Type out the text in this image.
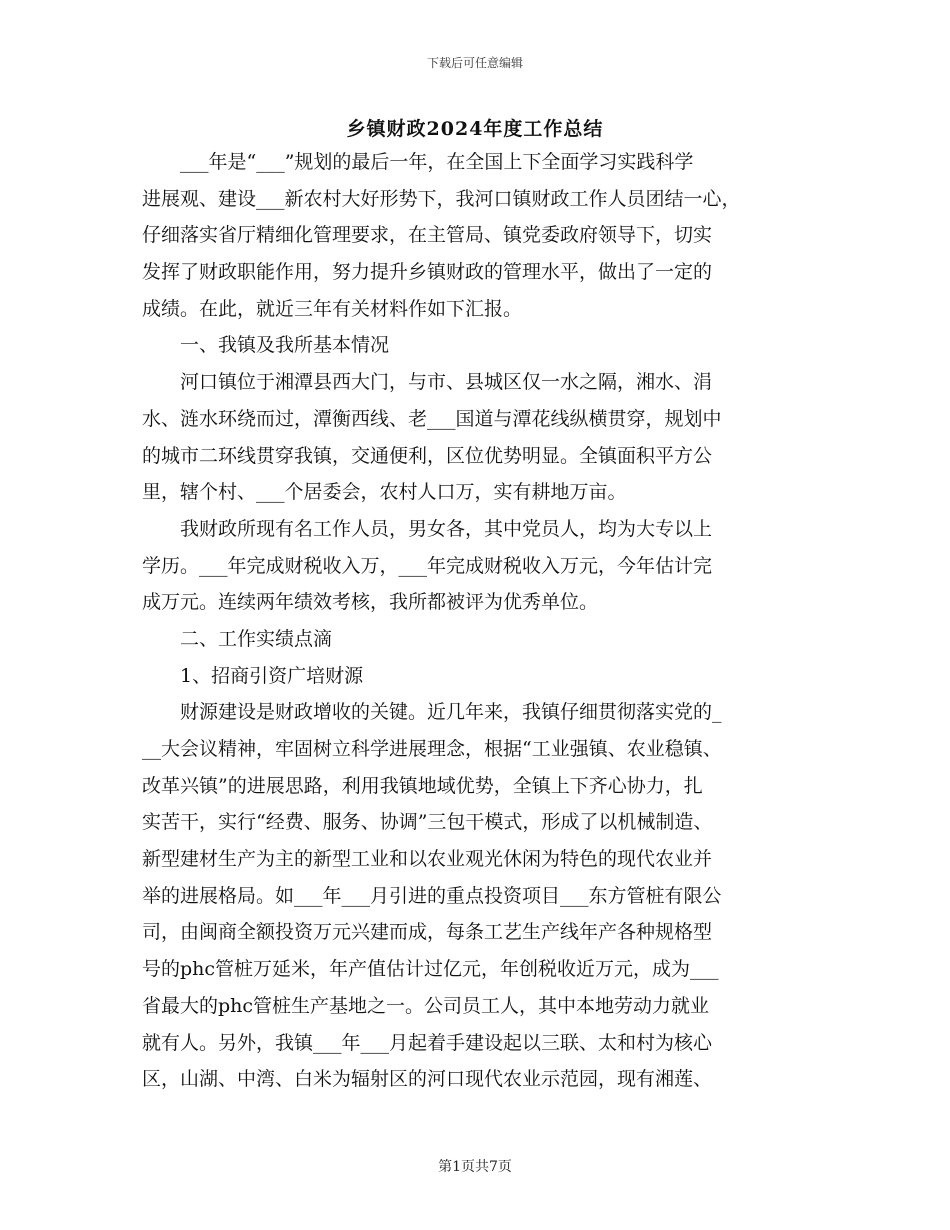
下载后可任意编辑
乡镇财政2024年度工作总结
　　___年是“___”规划的最后一年，在全国上下全面学习实践科学
进展观、建设___新农村大好形势下，我河口镇财政工作人员团结一心，
仔细落实省厅精细化管理要求，在主管局、镇党委政府领导下，切实
发挥了财政职能作用，努力提升乡镇财政的管理水平，做出了一定的
成绩。在此，就近三年有关材料作如下汇报。
　　一、我镇及我所基本情况
　　河口镇位于湘潭县西大门，与市、县城区仅一水之隔，湘水、涓
水、涟水环绕而过，潭衡西线、老___国道与潭花线纵横贯穿，规划中
的城市二环线贯穿我镇，交通便利，区位优势明显。全镇面积平方公
里，辖个村、___个居委会，农村人口万，实有耕地万亩。
　　我财政所现有名工作人员，男女各，其中党员人，均为大专以上
学历。___年完成财税收入万，___年完成财税收入万元，今年估计完
成万元。连续两年绩效考核，我所都被评为优秀单位。
　　二、工作实绩点滴
　　1、招商引资广培财源
　　财源建设是财政增收的关键。近几年来，我镇仔细贯彻落实党的_
__大会议精神，牢固树立科学进展理念，根据“工业强镇、农业稳镇、
改革兴镇”的进展思路，利用我镇地域优势，全镇上下齐心协力，扎
实苦干，实行“经费、服务、协调”三包干模式，形成了以机械制造、
新型建材生产为主的新型工业和以农业观光休闲为特色的现代农业并
举的进展格局。如___年___月引进的重点投资项目___东方管桩有限公
司，由闽商全额投资万元兴建而成，每条工艺生产线年产各种规格型
号的phc管桩万延米，年产值估计过亿元，年创税收近万元，成为___
省最大的phc管桩生产基地之一。公司员工人，其中本地劳动力就业
就有人。另外，我镇___年___月起着手建设起以三联、太和村为核心
区，山湖、中湾、白米为辐射区的河口现代农业示范园，现有湘莲、
第1页共7页
